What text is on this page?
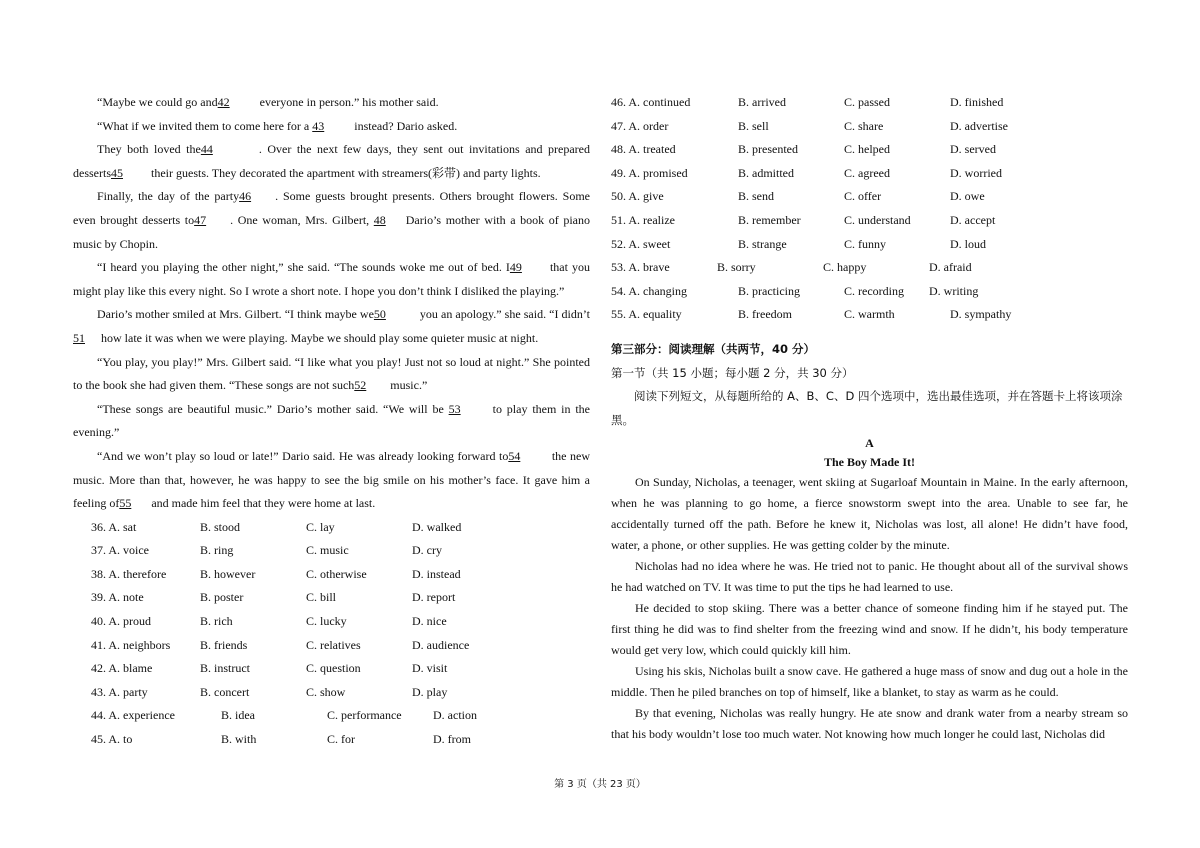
“Maybe we could go and42	everyone in person.” his mother said.

“What if we invited them to come here for a 43	instead? Dario asked.

They both loved the44	. Over the next few days, they sent out invitations and prepared desserts45 their guests. They decorated the apartment with streamers(彩带) and party lights.

Finally, the day of the party46 . Some guests brought presents. Others brought flowers. Some even brought desserts to47 . One woman, Mrs. Gilbert, 48 Dario’s mother with a book of piano music by Chopin.

“I heard you playing the other night,” she said. “The sounds woke me out of bed. I49 that you might play like this every night. So I wrote a short note. I hope you don’t think I disliked the playing.”

Dario’s mother smiled at Mrs. Gilbert. “I think maybe we50	you an apology.” she said. “I didn’t51 how late it was when we were playing. Maybe we should play some quieter music at night.

“You play, you play!” Mrs. Gilbert said. “I like what you play! Just not so loud at night.” She pointed to the book she had given them. “These songs are not such52 music.”

“These songs are beautiful music.” Dario’s mother said. “We will be 53	to play them in the evening.”

“And we won’t play so loud or late!” Dario said. He was already looking forward to54 the new music. More than that, however, he was happy to see the big smile on his mother’s face. It gave him a feeling of55 and made him feel that they were home at last.

36. A. sat	B. stood	C. lay	D. walked
37. A. voice	B. ring	C. music	D. cry
38. A. therefore	B. however	C. otherwise	D. instead
39. A. note	B. poster	C. bill	D. report
40. A. proud	B. rich	C. lucky	D. nice
41. A. neighbors B. friends	C. relatives	D. audience
42. A. blame	B. instruct	C. question	D. visit
43. A. party	B. concert	C. show	D. play
44. A. experience	B. idea	C. performance	D. action
45. A. to	B. with	C. for	D. from
46. A. continued	B. arrived	C. passed	D. finished
47. A. order	B. sell	C. share	D. advertise
48. A. treated	B. presented	C. helped	D. served
49. A. promised	B. admitted	C. agreed	D. worried
50. A. give	B. send	C. offer	D. owe
51. A. realize	B. remember	C. understand	D. accept
52. A. sweet	B. strange	C. funny	D. loud
53. A. brave	B. sorry	C. happy	D. afraid
54. A. changing	B. practicing	C. recording D. writing
55. A. equality	B. freedom	C. warmth	D. sympathy
第三部分：阅读理解（共两节，40 分）
第一节（共 15 小题；每小题 2 分，共 30 分）
阅读下列短文，从每题所给的 A、B、C、D 四个选项中，选出最佳选项，并在答题卡上将该项涂黑。
A
The Boy Made It!

On Sunday, Nicholas, a teenager, went skiing at Sugarloaf Mountain in Maine. In the early afternoon, when he was planning to go home, a fierce snowstorm swept into the area. Unable to see far, he accidentally turned off the path. Before he knew it, Nicholas was lost, all alone! He didn’t have food, water, a phone, or other supplies. He was getting colder by the minute.

Nicholas had no idea where he was. He tried not to panic. He thought about all of the survival shows he had watched on TV. It was time to put the tips he had learned to use.

He decided to stop skiing. There was a better chance of someone finding him if he stayed put. The first thing he did was to find shelter from the freezing wind and snow. If he didn’t, his body temperature would get very low, which could quickly kill him.

Using his skis, Nicholas built a snow cave. He gathered a huge mass of snow and dug out a hole in the middle. Then he piled branches on top of himself, like a blanket, to stay as warm as he could.

By that evening, Nicholas was really hungry. He ate snow and drank water from a nearby stream so that his body wouldn’t lose too much water. Not knowing how much longer he could last, Nicholas did

第 3 页（共 23 页）
